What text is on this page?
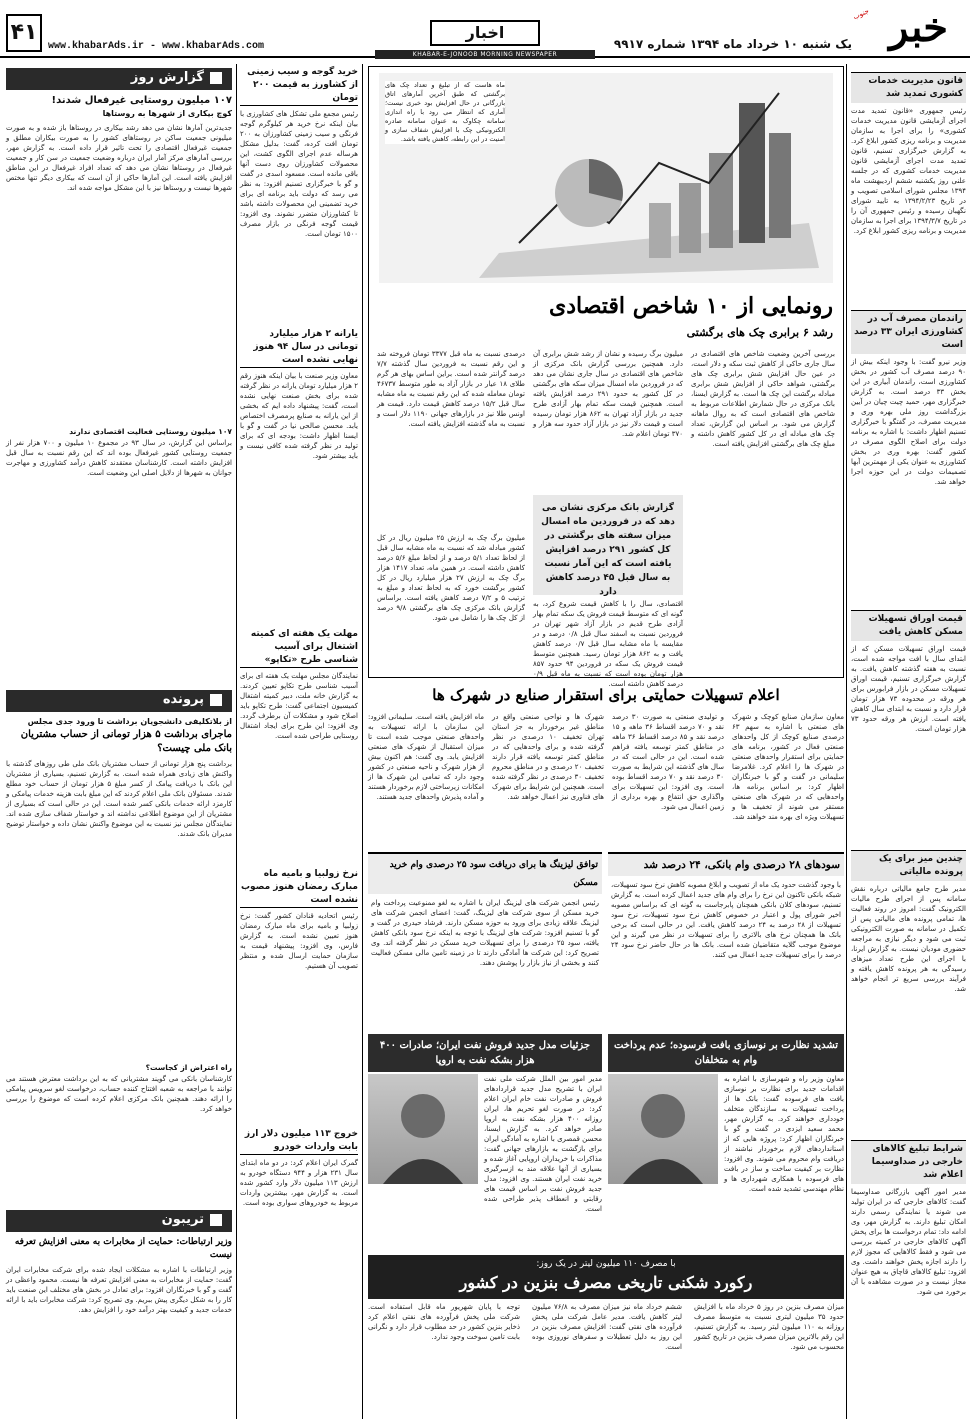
خبر
جنوب
یک شنبه ۱۰ خرداد ماه ۱۳۹۴ شماره ۹۹۱۷
اخبار
KHABAR-E-JONOOB MORNING NEWSPAPER
www.khabarAds.ir - www.khabarAds.com
۴۱
قانون مدیریت خدمات کشوری تمدید شد
رئیس جمهوری «قانون تمدید مدت اجرای آزمایشی قانون مدیریت خدمات کشوری» را برای اجرا به سازمان مدیریت و برنامه ریزی کشور ابلاغ کرد. به گزارش خبرگزاری تسنیم، قانون تمدید مدت اجرای آزمایشی قانون مدیریت خدمات کشوری که در جلسه علنی روز یکشنبه ششم اردیبهشت ماه ۱۳۹۴ مجلس شورای اسلامی تصویب و در تاریخ ۱۳۹۴/۲/۲۳ به تایید شورای نگهبان رسیده و رئیس جمهوری آن را در تاریخ ۱۳۹۴/۳/۷ برای اجرا به سازمان مدیریت و برنامه ریزی کشور ابلاغ کرد.
راندمان مصرف آب در کشاورزی ایران ۳۳ درصد است
وزیر نیرو گفت: با وجود اینکه بیش از ۹۰ درصد مصرف آب کشور در بخش کشاورزی است، راندمان آبیاری در این بخش ۳۳ درصد است. به گزارش خبرگزاری مهر، حمید چیت چیان در آیین بزرگداشت روز ملی بهره وری و مدیریت مصرف، در گفتگو با خبرگزاری تسنیم اظهار داشت: با اشاره به برنامه دولت برای اصلاح الگوی مصرف در کشور گفت: بهره وری در بخش کشاورزی به عنوان یکی از مهمترین آبها تصمیمات دولت در این حوزه اجرا خواهد شد.
قیمت اوراق تسهیلات مسکن کاهش یافت
قیمت اوراق تسهیلات مسکن که از ابتدای سال با افت مواجه شده است، نسبت به هفته گذشته کاهش یافت. به گزارش خبرگزاری تسنیم، قیمت اوراق تسهیلات مسکن در بازار فرابورس برای هر ورقه در محدوده ۷۳ هزار تومان قرار دارد و نسبت به ابتدای سال کاهش یافته است. ارزش هر ورقه حدود ۷۳ هزار تومان است.
چندین میز برای یک پرونده مالیاتی
مدیر طرح جامع مالیاتی درباره نقش سامانه پس از اجرای طرح مالیات الکترونیک گفت: امروز در روند فعالیت ها، تمامی پرونده های مالیاتی پس از تکمیل در سامانه به صورت الکترونیکی ثبت می شود و دیگر نیازی به مراجعه حضوری مودیان نیست. به گزارش ایرنا، با اجرای این طرح تعداد میزهای رسیدگی به هر پرونده کاهش یافته و فرآیند بررسی سریع تر انجام خواهد شد.
شرایط تبلیغ کالاهای خارجی در صداوسیما اعلام شد
مدیر امور آگهی بازرگانی صداوسیما گفت: کالاهای خارجی که در ایران تولید می شوند یا نمایندگی رسمی دارند امکان تبلیغ دارند. به گزارش مهر، وی ادامه داد: تمام درخواست ها برای پخش آگهی کالاهای خارجی در کمیته بررسی می شود و فقط کالاهایی که مجوز لازم را دارند اجازه پخش خواهند داشت. وی افزود: تبلیغ کالاهای قاچاق به هیچ عنوان مجاز نیست و در صورت مشاهده با آن برخورد می شود.
ماه هاست که از تبلیغ و تعداد چک های برگشتی که طبق آخرین آمارهای اتاق بازرگانی در حال افزایش بود خبری نیست؛ آماری که انتظار می رود با راه اندازی سامانه چکاوک به عنوان سامانه صادره الکترونیکی چک با افزایش شفاف سازی و امنیت در این رابطه، کاهش یافته باشد.
رونمایی از ۱۰ شاخص اقتصادی
رشد ۶ برابری چک های برگشتی
بررسی آخرین وضعیت شاخص های اقتصادی در سال جاری حاکی از کاهش ثبت سکه و دلار است، در عین حال افزایش شش برابری چک های برگشتی، شواهد حاکی از افزایش شش برابری مبادله برگشت این چک ها است. به گزارش ایسنا، بانک مرکزی در حال شمارش اطلاعات مربوط به شاخص های اقتصادی است که به روال ماهانه گزارش می شود. بر اساس این گزارش، تعداد چک های مبادله ای در کل کشور کاهش داشته و مبلغ چک های برگشتی افزایش یافته است.
میلیون برگ رسیده و نشان از رشد شش برابری آن دارد. همچنین بررسی گزارش بانک مرکزی از شاخص های اقتصادی در سال جاری نشان می دهد که در فروردین ماه امسال میزان سکه های برگشتی در کل کشور به حدود ۲۹۱ درصد افزایش یافته است. همچنین قیمت سکه تمام بهار آزادی طرح جدید در بازار آزاد تهران به ۸۶۲ هزار تومان رسیده است و قیمت دلار نیز در بازار آزاد حدود سه هزار و ۳۷۰ تومان اعلام شد.
گزارش بانک مرکزی نشان می دهد که در فروردین ماه امسال میزان سفته های برگشتی در کل کشور ۲۹۱ درصد افزایش یافته است که این آمار نسبت به سال قبل ۴۵ درصد کاهش دارد
اقتصادی، سال را با کاهش قیمت شروع کرد، به گونه ای که متوسط قیمت فروش یک سکه تمام بهار آزادی طرح قدیم در بازار آزاد شهر تهران در فروردین نسبت به اسفند سال قبل ۰/۸ درصد و در مقایسه با ماه مشابه سال قبل ۰/۷ درصد کاهش یافت و به ۸۶۲ هزار تومان رسید. همچنین متوسط قیمت فروش یک سکه در فروردین ۹۴ حدود ۸۵۷ هزار تومان بوده است که نسبت به ماه قبل ۰/۹ درصد کاهش داشته است.
درصدی نسبت به ماه قبل ۳۳۷۷ تومان فروخته شد و این رقم نسبت به فروردین سال گذشته ۷/۷ درصد گرانتر شده است. براین اساس بهای هر گرم طلای ۱۸ عیار در بازار آزاد به طور متوسط ۴۶۷۳۷ تومان معامله شده که این رقم نسبت به ماه مشابه سال قبل ۱۵/۲ درصد کاهش قیمت دارد. قیمت هر اونس طلا نیز در بازارهای جهانی ۱۱۹۰ دلار است و نسبت به ماه گذشته افزایش یافته است.
میلیون برگ چک به ارزش ۲۵ میلیون ریال در کل کشور مبادله شد که نسبت به ماه مشابه سال قبل از لحاظ تعداد ۵/۱ درصد و از لحاظ مبلغ ۵/۶ درصد کاهش داشته است. در همین ماه، تعداد ۱۴۱۷ هزار برگ چک به ارزش ۲۷ هزار میلیارد ریال در کل کشور برگشت خورد که به لحاظ تعداد و مبلغ به ترتیب ۵ و ۷/۲ درصد کاهش یافته است. براساس گزارش بانک مرکزی چک های برگشتی ۹/۸ درصد از کل چک ها را شامل می شود.
اعلام تسهیلات حمایتی برای استقرار صنایع در شهرک ها
معاون سازمان صنایع کوچک و شهرک های صنعتی با اشاره به سهم ۶۳ درصدی صنایع کوچک از کل واحدهای صنعتی فعال در کشور، برنامه های حمایتی برای استقرار واحدهای صنعتی در شهرک ها را اعلام کرد. غلامرضا سلیمانی در گفت و گو با خبرنگاران اظهار کرد: بر اساس برنامه ها، واحدهایی که در شهرک های صنعتی مستقر می شوند از تخفیف ها و تسهیلات ویژه ای بهره مند خواهند شد.
و تولیدی صنعتی به صورت ۳۰ درصد نقد و ۷۰ درصد اقساط ۳۶ ماهه و ۱۵ درصد نقد و ۸۵ درصد اقساط ۳۶ ماهه در مناطق کمتر توسعه یافته فراهم شده است. این در حالی است که در سال های گذشته این شرایط به صورت ۳۰ درصد نقد و ۷۰ درصد اقساط بوده است. وی افزود: این تسهیلات برای واگذاری حق انتفاع و بهره برداری از زمین اعمال می شود.
شهرک ها و نواحی صنعتی واقع در مناطق غیر برخوردار به جز استان تهران تخفیف ۱۰ درصدی در نظر گرفته شده و برای واحدهایی که در مناطق کمتر توسعه یافته قرار دارند تخفیف ۲۰ درصدی و در مناطق محروم تخفیف ۳۰ درصدی در نظر گرفته شده است. همچنین این شرایط برای شهرک های فناوری نیز اعمال خواهد شد.
ماه افزایش یافته است. سلیمانی افزود: این سازمان با ارائه تسهیلات به واحدهای صنعتی موجب شده است تا میزان استقبال از شهرک های صنعتی افزایش یابد. وی گفت: هم اکنون بیش از هزار شهرک و ناحیه صنعتی در کشور وجود دارد که تمامی این شهرک ها از امکانات زیرساختی لازم برخوردار هستند و آماده پذیرش واحدهای جدید هستند.
سودهای ۲۸ درصدی وام بانکی، ۲۴ درصد شد
با وجود گذشت حدود یک ماه از تصویب و ابلاغ مصوبه کاهش نرخ سود تسهیلات، شبکه بانکی تاکنون این نرخ را برای وام های جدید اعمال کرده است. به گزارش تسنیم، سودهای کلان بانکی همچنان پابرجاست به گونه ای که براساس مصوبه اخیر شورای پول و اعتبار در خصوص کاهش نرخ سود تسهیلات، نرخ سود تسهیلات از ۲۸ درصد به ۲۴ درصد کاهش یافت. این در حالی است که برخی بانک ها همچنان نرخ های بالاتری را برای تسهیلات در نظر می گیرند و این موضوع موجب گلایه متقاضیان شده است. بانک ها در حال حاضر نرخ سود ۲۴ درصد را برای تسهیلات جدید اعمال می کنند.
توافق لیزینگ ها برای دریافت سود ۲۵ درصدی وام خرید مسکن
رئیس انجمن شرکت های لیزینگ ایران با اشاره به لغو ممنوعیت پرداخت وام خرید مسکن از سوی شرکت های لیزینگ، گفت: اعضای انجمن شرکت های لیزینگ علاقه زیادی برای ورود به حوزه مسکن دارند. فرشاد حیدری در گفت و گو با تسنیم افزود: شرکت های لیزینگ با توجه به اینکه نرخ سود بانکی کاهش یافته، سود ۲۵ درصدی را برای تسهیلات خرید مسکن در نظر گرفته اند. وی تصریح کرد: این شرکت ها آمادگی دارند تا در زمینه تامین مالی مسکن فعالیت کنند و بخشی از نیاز بازار را پوشش دهند.
تشدید نظارت بر نوسازی بافت فرسوده؛ عدم پرداخت وام به متخلفان
معاون وزیر راه و شهرسازی با اشاره به اقدامات جدید برای نظارت بر نوسازی بافت های فرسوده گفت: بانک ها از پرداخت تسهیلات به سازندگان متخلف خودداری خواهند کرد. به گزارش مهر، محمد سعید ایزدی در گفت و گو با خبرنگاران اظهار کرد: پروژه هایی که از استانداردهای لازم برخوردار نباشند از دریافت وام محروم می شوند. وی افزود: نظارت بر کیفیت ساخت و ساز در بافت های فرسوده با همکاری شهرداری ها و نظام مهندسی تشدید شده است.
جزئیات مدل جدید فروش نفت ایران؛ صادرات ۴۰۰ هزار بشکه نفت به اروپا
مدیر امور بین الملل شرکت ملی نفت ایران با تشریح مدل جدید قراردادهای فروش و صادرات نفت خام ایران اعلام کرد: در صورت لغو تحریم ها، ایران روزانه ۴۰۰ هزار بشکه نفت به اروپا صادر خواهد کرد. به گزارش ایسنا، محسن قمصری با اشاره به آمادگی ایران برای بازگشت به بازارهای جهانی گفت: مذاکرات با خریداران اروپایی آغاز شده و بسیاری از آنها علاقه مند به ازسرگیری خرید نفت ایران هستند. وی افزود: مدل جدید فروش نفت بر اساس قیمت های رقابتی و انعطاف پذیر طراحی شده است.
با مصرف ۱۱۰ میلیون لیتر در یک روز:
رکورد شکنی تاریخی مصرف بنزین در کشور
میزان مصرف بنزین در روز ۵ خرداد ماه با افزایش حدود ۳۵ میلیون لیتری نسبت به متوسط مصرف روزانه به ۱۱۰ میلیون لیتر رسید. به گزارش تسنیم، این رقم بالاترین میزان مصرف بنزین در تاریخ کشور محسوب می شود.
ششم خرداد ماه نیز میزان مصرف به ۷۶/۸ میلیون لیتر کاهش یافت. مدیر عامل شرکت ملی پخش فرآورده های نفتی گفت: افزایش مصرف بنزین در این روز به دلیل تعطیلات و سفرهای نوروزی بوده است.
توجه با پایان شهریور ماه قابل استفاده است. شرکت ملی پخش فرآورده های نفتی اعلام کرد ذخایر بنزین کشور در حد مطلوب قرار دارد و نگرانی بابت تامین سوخت وجود ندارد.
خرید گوجه و سیب زمینی از کشاورز به قیمت ۲۰۰ تومان
رئیس مجمع ملی تشکل های کشاورزی با بیان اینکه نرخ خرید هر کیلوگرم گوجه فرنگی و سیب زمینی کشاورزان به ۲۰۰ تومان افت کرده، گفت: بدلیل مشکل هرساله عدم اجرای الگوی کشت، این محصولات کشاورزان روی دست آنها باقی مانده است. مسعود اسدی در گفت و گو با خبرگزاری تسنیم افزود: به نظر می رسد که دولت باید برنامه ای برای خرید تضمینی این محصولات داشته باشد تا کشاورزان متضرر نشوند. وی افزود: قیمت گوجه فرنگی در بازار مصرف ۱۵۰۰ تومان است.
یارانه ۲ هزار میلیارد تومانی در سال ۹۴ هنوز نهایی نشده است
معاون وزیر صنعت با بیان اینکه هنوز رقم ۲ هزار میلیارد تومان یارانه در نظر گرفته شده برای بخش صنعت نهایی نشده است، گفت: پیشنهاد داده ایم که بخشی از این یارانه به صنایع پرمصرف اختصاص یابد. محسن صالحی نیا در گفت و گو با ایسنا اظهار داشت: بودجه ای که برای تولید در نظر گرفته شده کافی نیست و باید بیشتر شود.
مهلت یک هفته ای کمیته اشتغال برای آسیب شناسی طرح «تکاپو»
نمایندگان مجلس مهلت یک هفته ای برای آسیب شناسی طرح تکاپو تعیین کردند. به گزارش خانه ملت، دبیر کمیته اشتغال کمیسیون اجتماعی گفت: طرح تکاپو باید اصلاح شود و مشکلات آن برطرف گردد. وی افزود: این طرح برای ایجاد اشتغال روستایی طراحی شده است.
نرخ زولبیا و بامیه ماه مبارک رمضان هنوز مصوب نشده است
رئیس اتحادیه قنادان کشور گفت: نرخ زولبیا و بامیه برای ماه مبارک رمضان هنوز تعیین نشده است. به گزارش فارس، وی افزود: پیشنهاد قیمت به سازمان حمایت ارسال شده و منتظر تصویب آن هستیم.
خروج ۱۱۳ میلیون دلار ارز بابت واردات خودرو
گمرک ایران اعلام کرد: در دو ماه ابتدای سال ۲۳۱ هزار و ۹۴۴ دستگاه خودرو به ارزش ۱۱۳ میلیون دلار وارد کشور شده است. به گزارش مهر، بیشترین واردات مربوط به خودروهای سواری بوده است.
گزارش روز
۱۰۷ میلیون روستایی غیرفعال شدند!
کوچ بیکاری از شهرها به روستاها
جدیدترین آمارها نشان می دهد رشد بیکاری در روستاها باز شده و به صورت میلیونی جمعیت ساکن در روستاهای کشور را به صورت بیکاران مطلق و جمعیت غیرفعال اقتصادی را تحت تاثیر قرار داده است. به گزارش مهر، بررسی آمارهای مرکز آمار ایران درباره وضعیت جمعیت در سن کار و جمعیت غیرفعال در روستاها نشان می دهد که تعداد افراد غیرفعال در این مناطق افزایش یافته است. این آمارها حاکی از آن است که بیکاری دیگر تنها مختص شهرها نیست و روستاها نیز با این مشکل مواجه شده اند.
۱۰۷ میلیون روستایی فعالیت اقتصادی ندارند
براساس این گزارش، در سال ۹۳ در مجموع ۱۰ میلیون و ۷۰۰ هزار نفر از جمعیت روستایی کشور غیرفعال بوده اند که این رقم نسبت به سال قبل افزایش داشته است. کارشناسان معتقدند کاهش درآمد کشاورزی و مهاجرت جوانان به شهرها از دلایل اصلی این وضعیت است.
پرونده
از بلاتکلیفی دانشجویان برداشت تا ورود جدی مجلس
ماجرای برداشت ۵ هزار تومانی از حساب مشتریان بانک ملی چیست؟
برداشت پنج هزار تومانی از حساب مشتریان بانک ملی طی روزهای گذشته با واکنش های زیادی همراه شده است. به گزارش تسنیم، بسیاری از مشتریان این بانک با دریافت پیامک از کسر مبلغ ۵ هزار تومان از حساب خود مطلع شدند. مسئولان بانک ملی اعلام کردند که این مبلغ بابت هزینه خدمات پیامکی و کارمزد ارائه خدمات بانکی کسر شده است. این در حالی است که بسیاری از مشتریان از این موضوع اطلاعی نداشته اند و خواستار شفاف سازی شده اند. نمایندگان مجلس نیز نسبت به این موضوع واکنش نشان داده و خواستار توضیح مدیران بانک شدند.
راه اعتراض از کجاست؟
کارشناسان بانکی می گویند مشتریانی که به این برداشت معترض هستند می توانند با مراجعه به شعبه افتتاح کننده حساب، درخواست لغو سرویس پیامکی را ارائه دهند. همچنین بانک مرکزی اعلام کرده است که موضوع را بررسی خواهد کرد.
تریبون
وزیر ارتباطات: حمایت از مخابرات به معنی افزایش تعرفه نیست
وزیر ارتباطات با اشاره به مشکلات ایجاد شده برای شرکت مخابرات ایران گفت: حمایت از مخابرات به معنی افزایش تعرفه ها نیست. محمود واعظی در گفت و گو با خبرنگاران افزود: برای تعادل در بخش های مختلف این صنعت باید کار را به شکل دیگری پیش ببریم. وی تصریح کرد: شرکت مخابرات باید با ارائه خدمات جدید و کیفیت بهتر درآمد خود را افزایش دهد.
